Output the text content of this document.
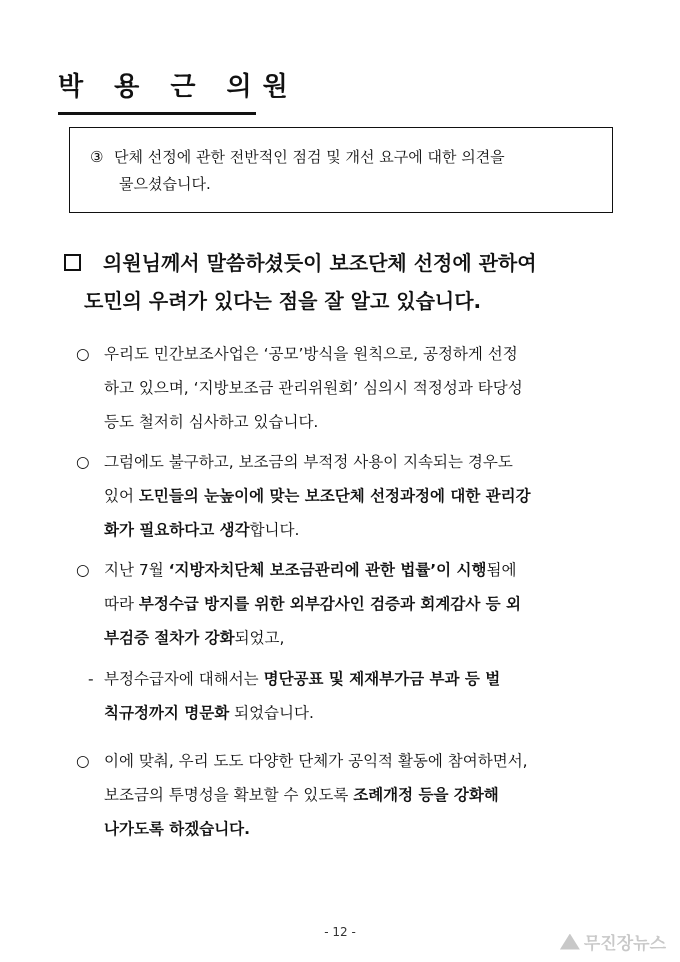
박 용 근 의원
③ 단체 선정에 관한 전반적인 점검 및 개선 요구에 대한 의견을
물으셨습니다.
의원님께서 말씀하셨듯이 보조단체 선정에 관하여
도민의 우려가 있다는 점을 잘 알고 있습니다.
○ 우리도 민간보조사업은 ‘공모’방식을 원칙으로, 공정하게 선정
하고 있으며, ‘지방보조금 관리위원회’ 심의시 적정성과 타당성
등도 철저히 심사하고 있습니다.
○ 그럼에도 불구하고, 보조금의 부적정 사용이 지속되는 경우도
있어 도민들의 눈높이에 맞는 보조단체 선정과정에 대한 관리강
화가 필요하다고 생각합니다.
○ 지난 7월 ‘지방자치단체 보조금관리에 관한 법률’이 시행됨에
따라 부정수급 방지를 위한 외부감사인 검증과 회계감사 등 외
부검증 절차가 강화되었고,
- 부정수급자에 대해서는 명단공표 및 제재부가금 부과 등 벌
칙규정까지 명문화 되었습니다.
○ 이에 맞춰, 우리 도도 다양한 단체가 공익적 활동에 참여하면서,
보조금의 투명성을 확보할 수 있도록 조례개정 등을 강화해
나가도록 하겠습니다.
- 12 -
무진장뉴스
